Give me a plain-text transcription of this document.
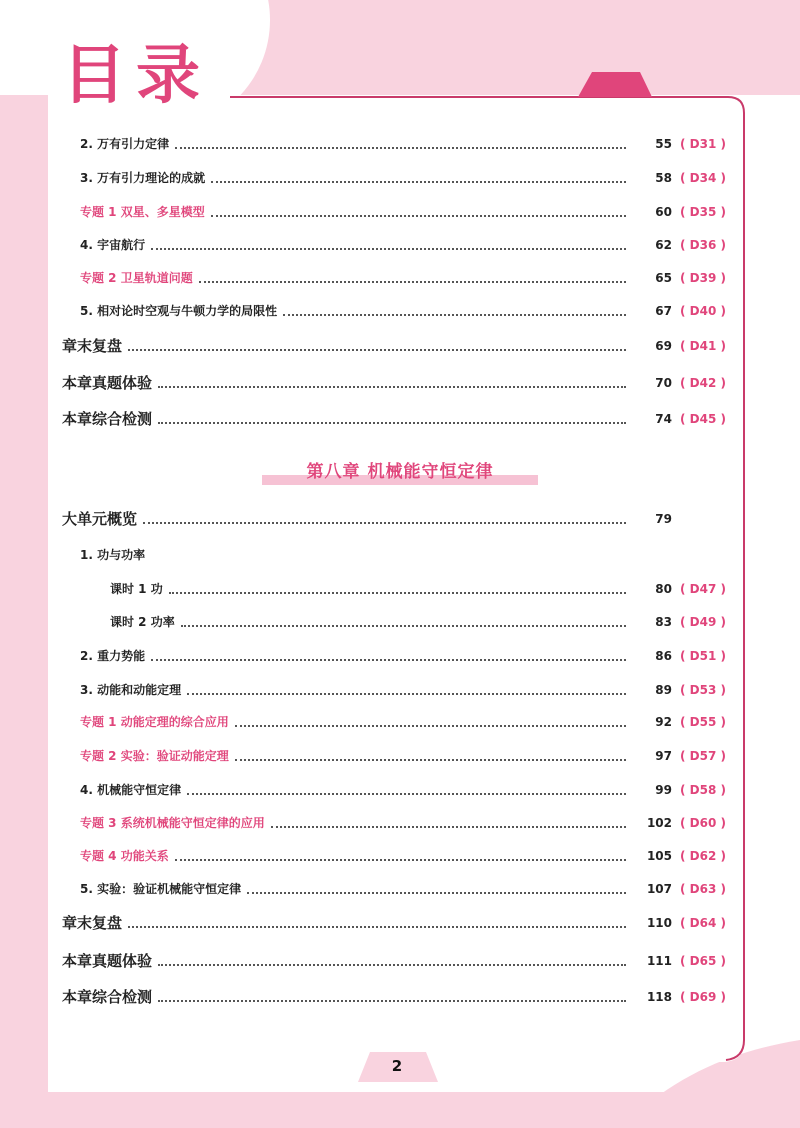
目录
2. 万有引力定律	55 ( D31 )
3. 万有引力理论的成就	58 ( D34 )
专题 1 双星、多星模型	60 ( D35 )
4. 宇宙航行	62 ( D36 )
专题 2 卫星轨道问题	65 ( D39 )
5. 相对论时空观与牛顿力学的局限性	67 ( D40 )
章末复盘	69 ( D41 )
本章真题体验	70 ( D42 )
本章综合检测	74 ( D45 )
第八章 机械能守恒定律
大单元概览	79
1. 功与功率
课时 1 功	80 ( D47 )
课时 2 功率	83 ( D49 )
2. 重力势能	86 ( D51 )
3. 动能和动能定理	89 ( D53 )
专题 1 动能定理的综合应用	92 ( D55 )
专题 2 实验：验证动能定理	97 ( D57 )
4. 机械能守恒定律	99 ( D58 )
专题 3 系统机械能守恒定律的应用	102 ( D60 )
专题 4 功能关系	105 ( D62 )
5. 实验：验证机械能守恒定律	107 ( D63 )
章末复盘	110 ( D64 )
本章真题体验	111 ( D65 )
本章综合检测	118 ( D69 )
2
